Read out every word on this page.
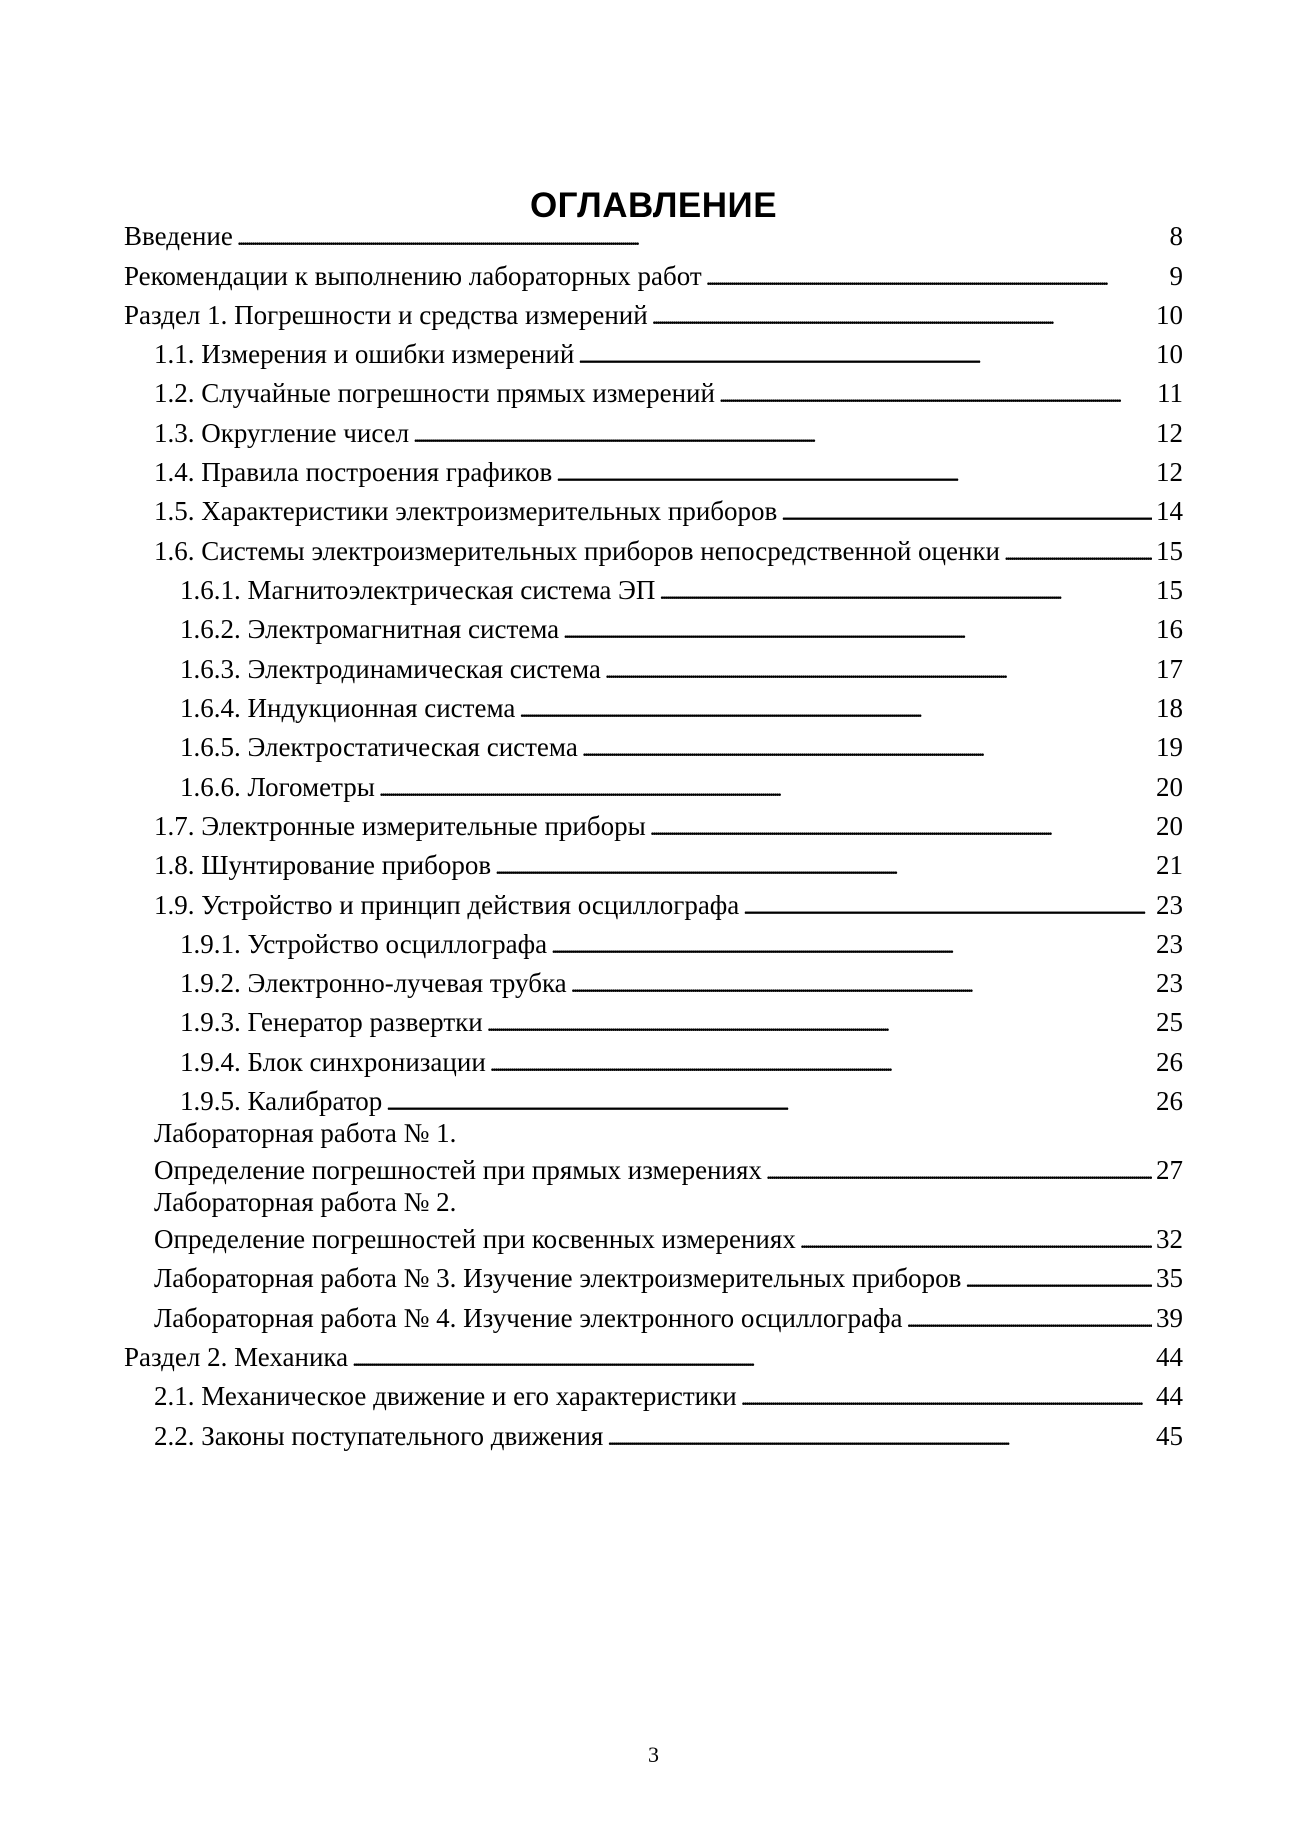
ОГЛАВЛЕНИЕ
Введение . . .	8
Рекомендации к выполнению лабораторных работ . . .	9
Раздел 1. Погрешности и средства измерений . . .	10
1.1. Измерения и ошибки измерений . . .	10
1.2. Случайные погрешности прямых измерений . . .	11
1.3. Округление чисел . . .	12
1.4. Правила построения графиков . . .	12
1.5. Характеристики электроизмерительных приборов . . .	14
1.6. Системы электроизмерительных приборов непосредственной оценки . . .	15
1.6.1. Магнитоэлектрическая система ЭП . . .	15
1.6.2. Электромагнитная система . . .	16
1.6.3. Электродинамическая система . . .	17
1.6.4. Индукционная система . . .	18
1.6.5. Электростатическая система . . .	19
1.6.6. Логометры . . .	20
1.7. Электронные измерительные приборы . . .	20
1.8. Шунтирование приборов . . .	21
1.9. Устройство и принцип действия осциллографа . . .	23
1.9.1. Устройство осциллографа . . .	23
1.9.2. Электронно-лучевая трубка . . .	23
1.9.3. Генератор развертки . . .	25
1.9.4. Блок синхронизации . . .	26
1.9.5. Калибратор . . .	26
Лабораторная работа № 1.
Определение погрешностей при прямых измерениях . . .	27
Лабораторная работа № 2.
Определение погрешностей при косвенных измерениях . . .	32
Лабораторная работа № 3. Изучение электроизмерительных приборов . . .	35
Лабораторная работа № 4. Изучение электронного осциллографа . . .	39
Раздел 2. Механика . . .	44
2.1. Механическое движение и его характеристики . . .	44
2.2. Законы поступательного движения . . .	45
3
